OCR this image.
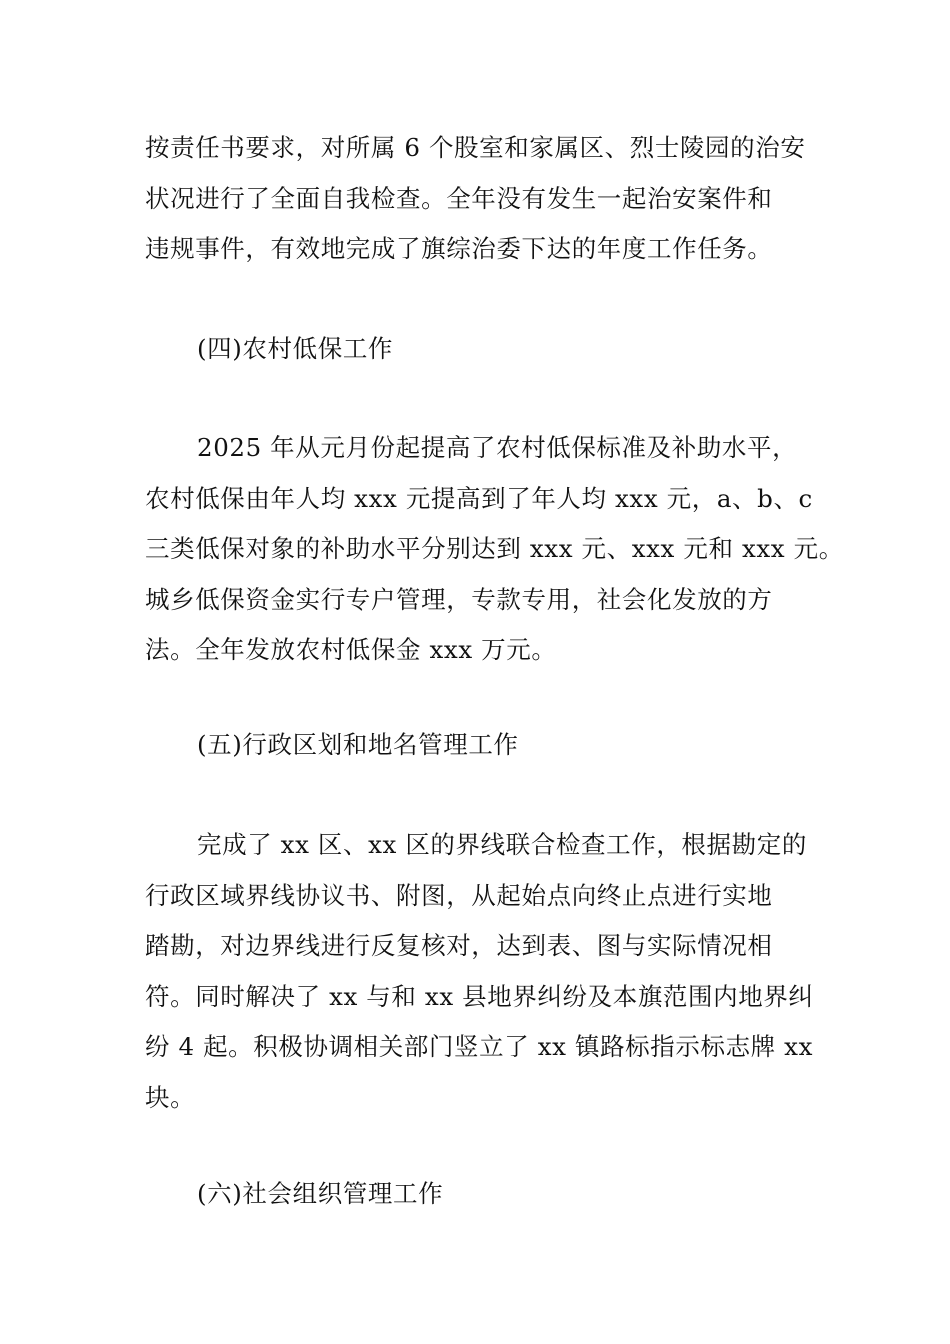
按责任书要求，对所属 6 个股室和家属区、烈士陵园的治安
状况进行了全面自我检查。全年没有发生一起治安案件和
违规事件，有效地完成了旗综治委下达的年度工作任务。
(四)农村低保工作
2025 年从元月份起提高了农村低保标准及补助水平，
农村低保由年人均 xxx 元提高到了年人均 xxx 元，a、b、c
三类低保对象的补助水平分别达到 xxx 元、xxx 元和 xxx 元。
城乡低保资金实行专户管理，专款专用，社会化发放的方
法。全年发放农村低保金 xxx 万元。
(五)行政区划和地名管理工作
完成了 xx 区、xx 区的界线联合检查工作，根据勘定的
行政区域界线协议书、附图，从起始点向终止点进行实地
踏勘，对边界线进行反复核对，达到表、图与实际情况相
符。同时解决了 xx 与和 xx 县地界纠纷及本旗范围内地界纠
纷 4 起。积极协调相关部门竖立了 xx 镇路标指示标志牌 xx
块。
(六)社会组织管理工作
